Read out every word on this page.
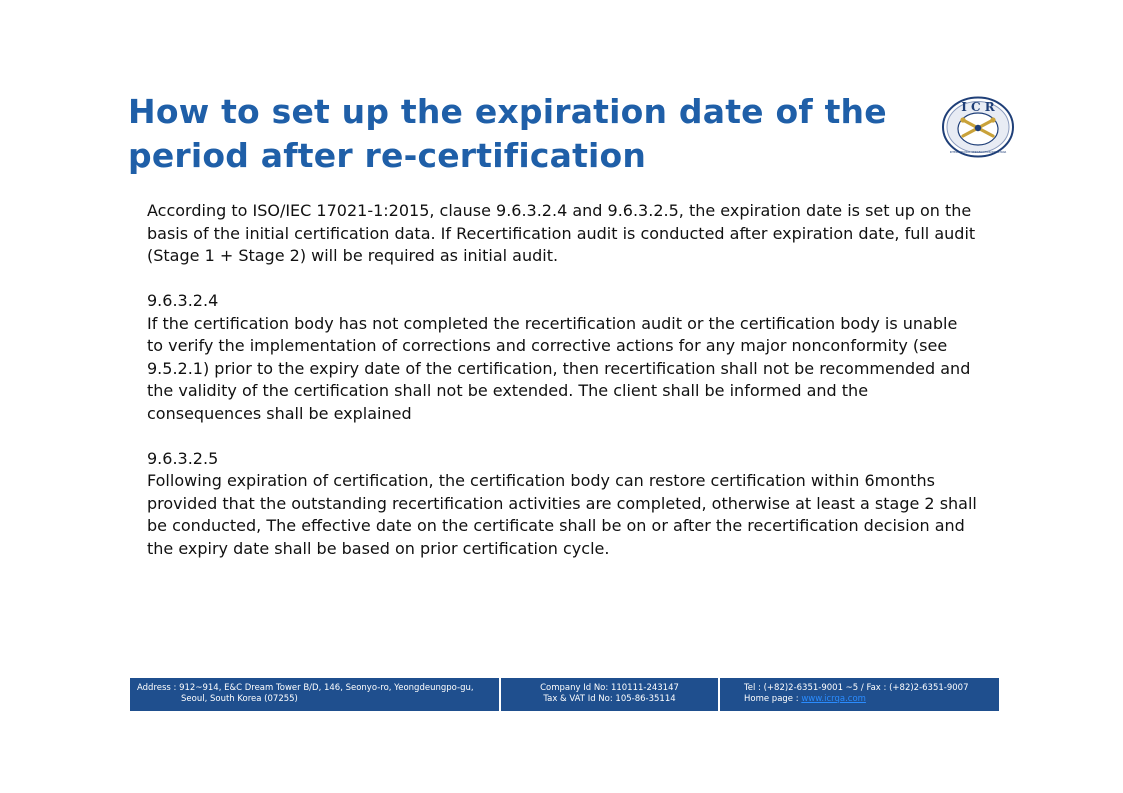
How to set up the expiration date of the
period after re-certification
I C R
INTERNATIONAL CERTIFICATION REGISTRAR

According to ISO/IEC 17021-1:2015, clause 9.6.3.2.4 and 9.6.3.2.5, the expiration date is set up on the basis of the initial certification data. If Recertification audit is conducted after expiration date, full audit (Stage 1 + Stage 2) will be required as initial audit.

9.6.3.2.4
If the certification body has not completed the recertification audit or the certification body is unable to verify the implementation of corrections and corrective actions for any major nonconformity (see 9.5.2.1) prior to the expiry date of the certification, then recertification shall not be recommended and the validity of the certification shall not be extended. The client shall be informed and the consequences shall be explained

9.6.3.2.5
Following expiration of certification, the certification body can restore certification within 6months provided that the outstanding recertification activities are completed, otherwise at least a stage 2 shall be conducted, The effective date on the certificate shall be on or after the recertification decision and the expiry date shall be based on prior certification cycle.

Address : 912~914, E&C Dream Tower B/D, 146, Seonyo-ro, Yeongdeungpo-gu,
Seoul, South Korea (07255)
Company Id No: 110111-243147
Tax & VAT Id No: 105-86-35114
Tel : (+82)2-6351-9001 ~5 / Fax : (+82)2-6351-9007
Home page : www.icrqa.com
